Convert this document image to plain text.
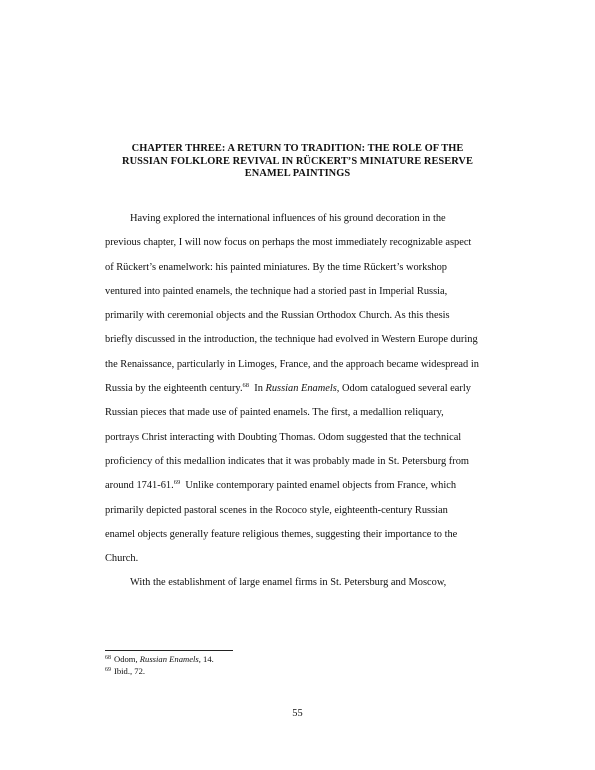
CHAPTER THREE: A RETURN TO TRADITION: THE ROLE OF THE
RUSSIAN FOLKLORE REVIVAL IN RÜCKERT’S MINIATURE RESERVE
ENAMEL PAINTINGS
Having explored the international influences of his ground decoration in the
previous chapter, I will now focus on perhaps the most immediately recognizable aspect
of Rückert’s enamelwork: his painted miniatures. By the time Rückert’s workshop
ventured into painted enamels, the technique had a storied past in Imperial Russia,
primarily with ceremonial objects and the Russian Orthodox Church. As this thesis
briefly discussed in the introduction, the technique had evolved in Western Europe during
the Renaissance, particularly in Limoges, France, and the approach became widespread in
Russia by the eighteenth century.$^{68}$  In Russian Enamels, Odom catalogued several early
Russian pieces that made use of painted enamels. The first, a medallion reliquary,
portrays Christ interacting with Doubting Thomas. Odom suggested that the technical
proficiency of this medallion indicates that it was probably made in St. Petersburg from
around 1741-61.69  Unlike contemporary painted enamel objects from France, which
primarily depicted pastoral scenes in the Rococo style, eighteenth-century Russian
enamel objects generally feature religious themes, suggesting their importance to the
Church.
With the establishment of large enamel firms in St. Petersburg and Moscow,
$^{68}$ Odom, Russian Enamels, 14.
$^{69}$ Ibid., 72.
55
